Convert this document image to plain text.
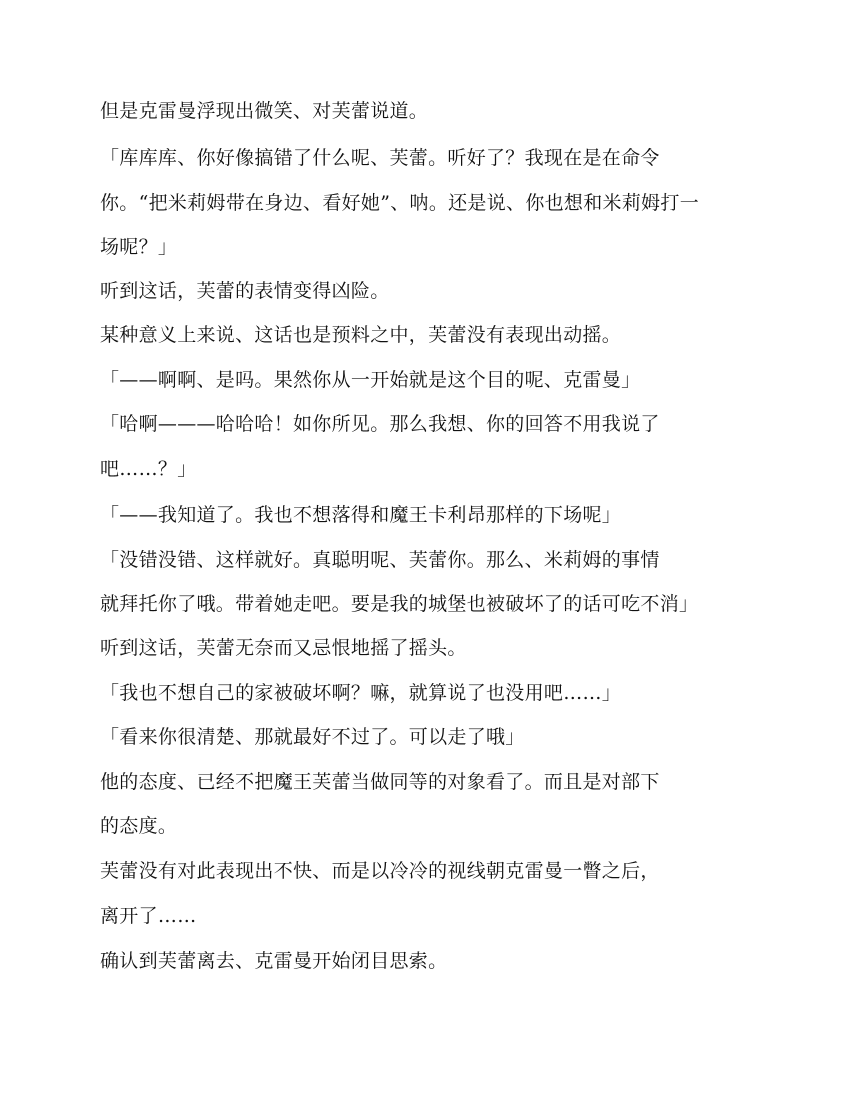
但是克雷曼浮现出微笑、对芙蕾说道。
「库库库、你好像搞错了什么呢、芙蕾。听好了？我现在是在命令
你。“把米莉姆带在身边、看好她”、呐。还是说、你也想和米莉姆打一
场呢？」
听到这话，芙蕾的表情变得凶险。
某种意义上来说、这话也是预料之中，芙蕾没有表现出动摇。
「——啊啊、是吗。果然你从一开始就是这个目的呢、克雷曼」
「哈啊———哈哈哈！如你所见。那么我想、你的回答不用我说了
吧……？」
「——我知道了。我也不想落得和魔王卡利昂那样的下场呢」
「没错没错、这样就好。真聪明呢、芙蕾你。那么、米莉姆的事情
就拜托你了哦。带着她走吧。要是我的城堡也被破坏了的话可吃不消」
听到这话，芙蕾无奈而又忌恨地摇了摇头。
「我也不想自己的家被破坏啊？嘛，就算说了也没用吧……」
「看来你很清楚、那就最好不过了。可以走了哦」
他的态度、已经不把魔王芙蕾当做同等的对象看了。而且是对部下
的态度。
芙蕾没有对此表现出不快、而是以冷冷的视线朝克雷曼一瞥之后，
离开了……
确认到芙蕾离去、克雷曼开始闭目思索。
